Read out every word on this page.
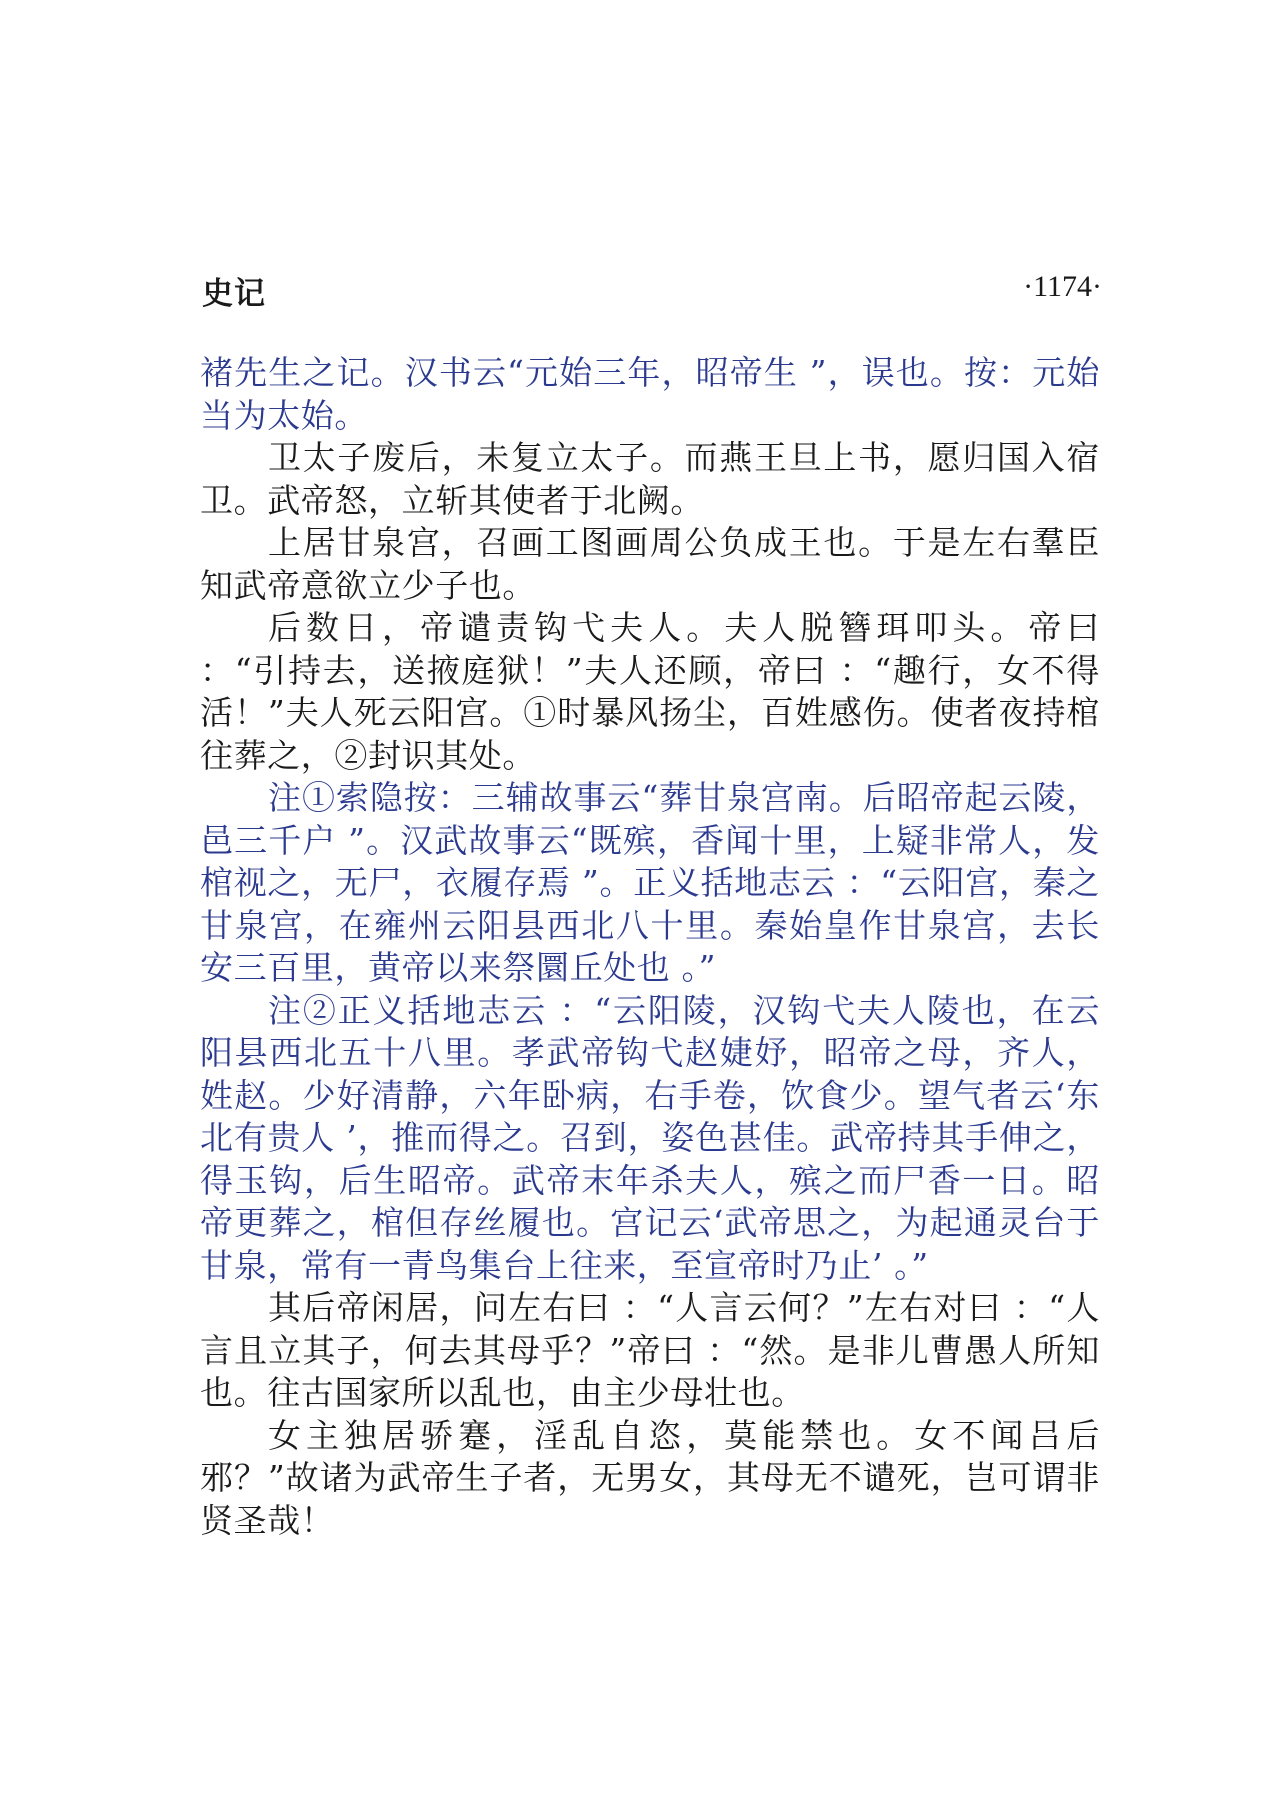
史记	·1174·

褚先生之记。汉书云“元始三年，昭帝生 ”，误也。按：元始当为太始。

卫太子废后，未复立太子。而燕王旦上书，愿归国入宿卫。武帝怒，立斩其使者于北阙。

上居甘泉宫，召画工图画周公负成王也。于是左右羣臣知武帝意欲立少子也。

后数日，帝谴责钩弋夫人。夫人脱簪珥叩头。帝曰 ：“引持去，送掖庭狱！”夫人还顾，帝曰 ：“趣行，女不得活！”夫人死云阳宫。①时暴风扬尘，百姓感伤。使者夜持棺往葬之，②封识其处。

注①索隐按：三辅故事云“葬甘泉宫南。后昭帝起云陵，邑三千户 ”。汉武故事云“既殡，香闻十里，上疑非常人，发棺视之，无尸，衣履存焉 ”。正义括地志云 ：“云阳宫，秦之甘泉宫，在雍州云阳县西北八十里。秦始皇作甘泉宫，去长安三百里，黄帝以来祭圜丘处也 。”

注②正义括地志云 ：“云阳陵，汉钩弋夫人陵也，在云阳县西北五十八里。孝武帝钩弋赵婕妤，昭帝之母，齐人，姓赵。少好清静，六年卧病，右手卷，饮食少。望气者云‘东北有贵人 ’，推而得之。召到，姿色甚佳。武帝持其手伸之，得玉钩，后生昭帝。武帝末年杀夫人，殡之而尸香一日。昭帝更葬之，棺但存丝履也。宫记云‘武帝思之，为起通灵台于甘泉，常有一青鸟集台上往来，至宣帝时乃止’ 。”

其后帝闲居，问左右曰 ：“人言云何？”左右对曰 ：“人言且立其子，何去其母乎？”帝曰 ：“然。是非儿曹愚人所知也。往古国家所以乱也，由主少母壮也。

女主独居骄蹇，淫乱自恣，莫能禁也。女不闻吕后邪？”故诸为武帝生子者，无男女，其母无不谴死，岂可谓非贤圣哉！
